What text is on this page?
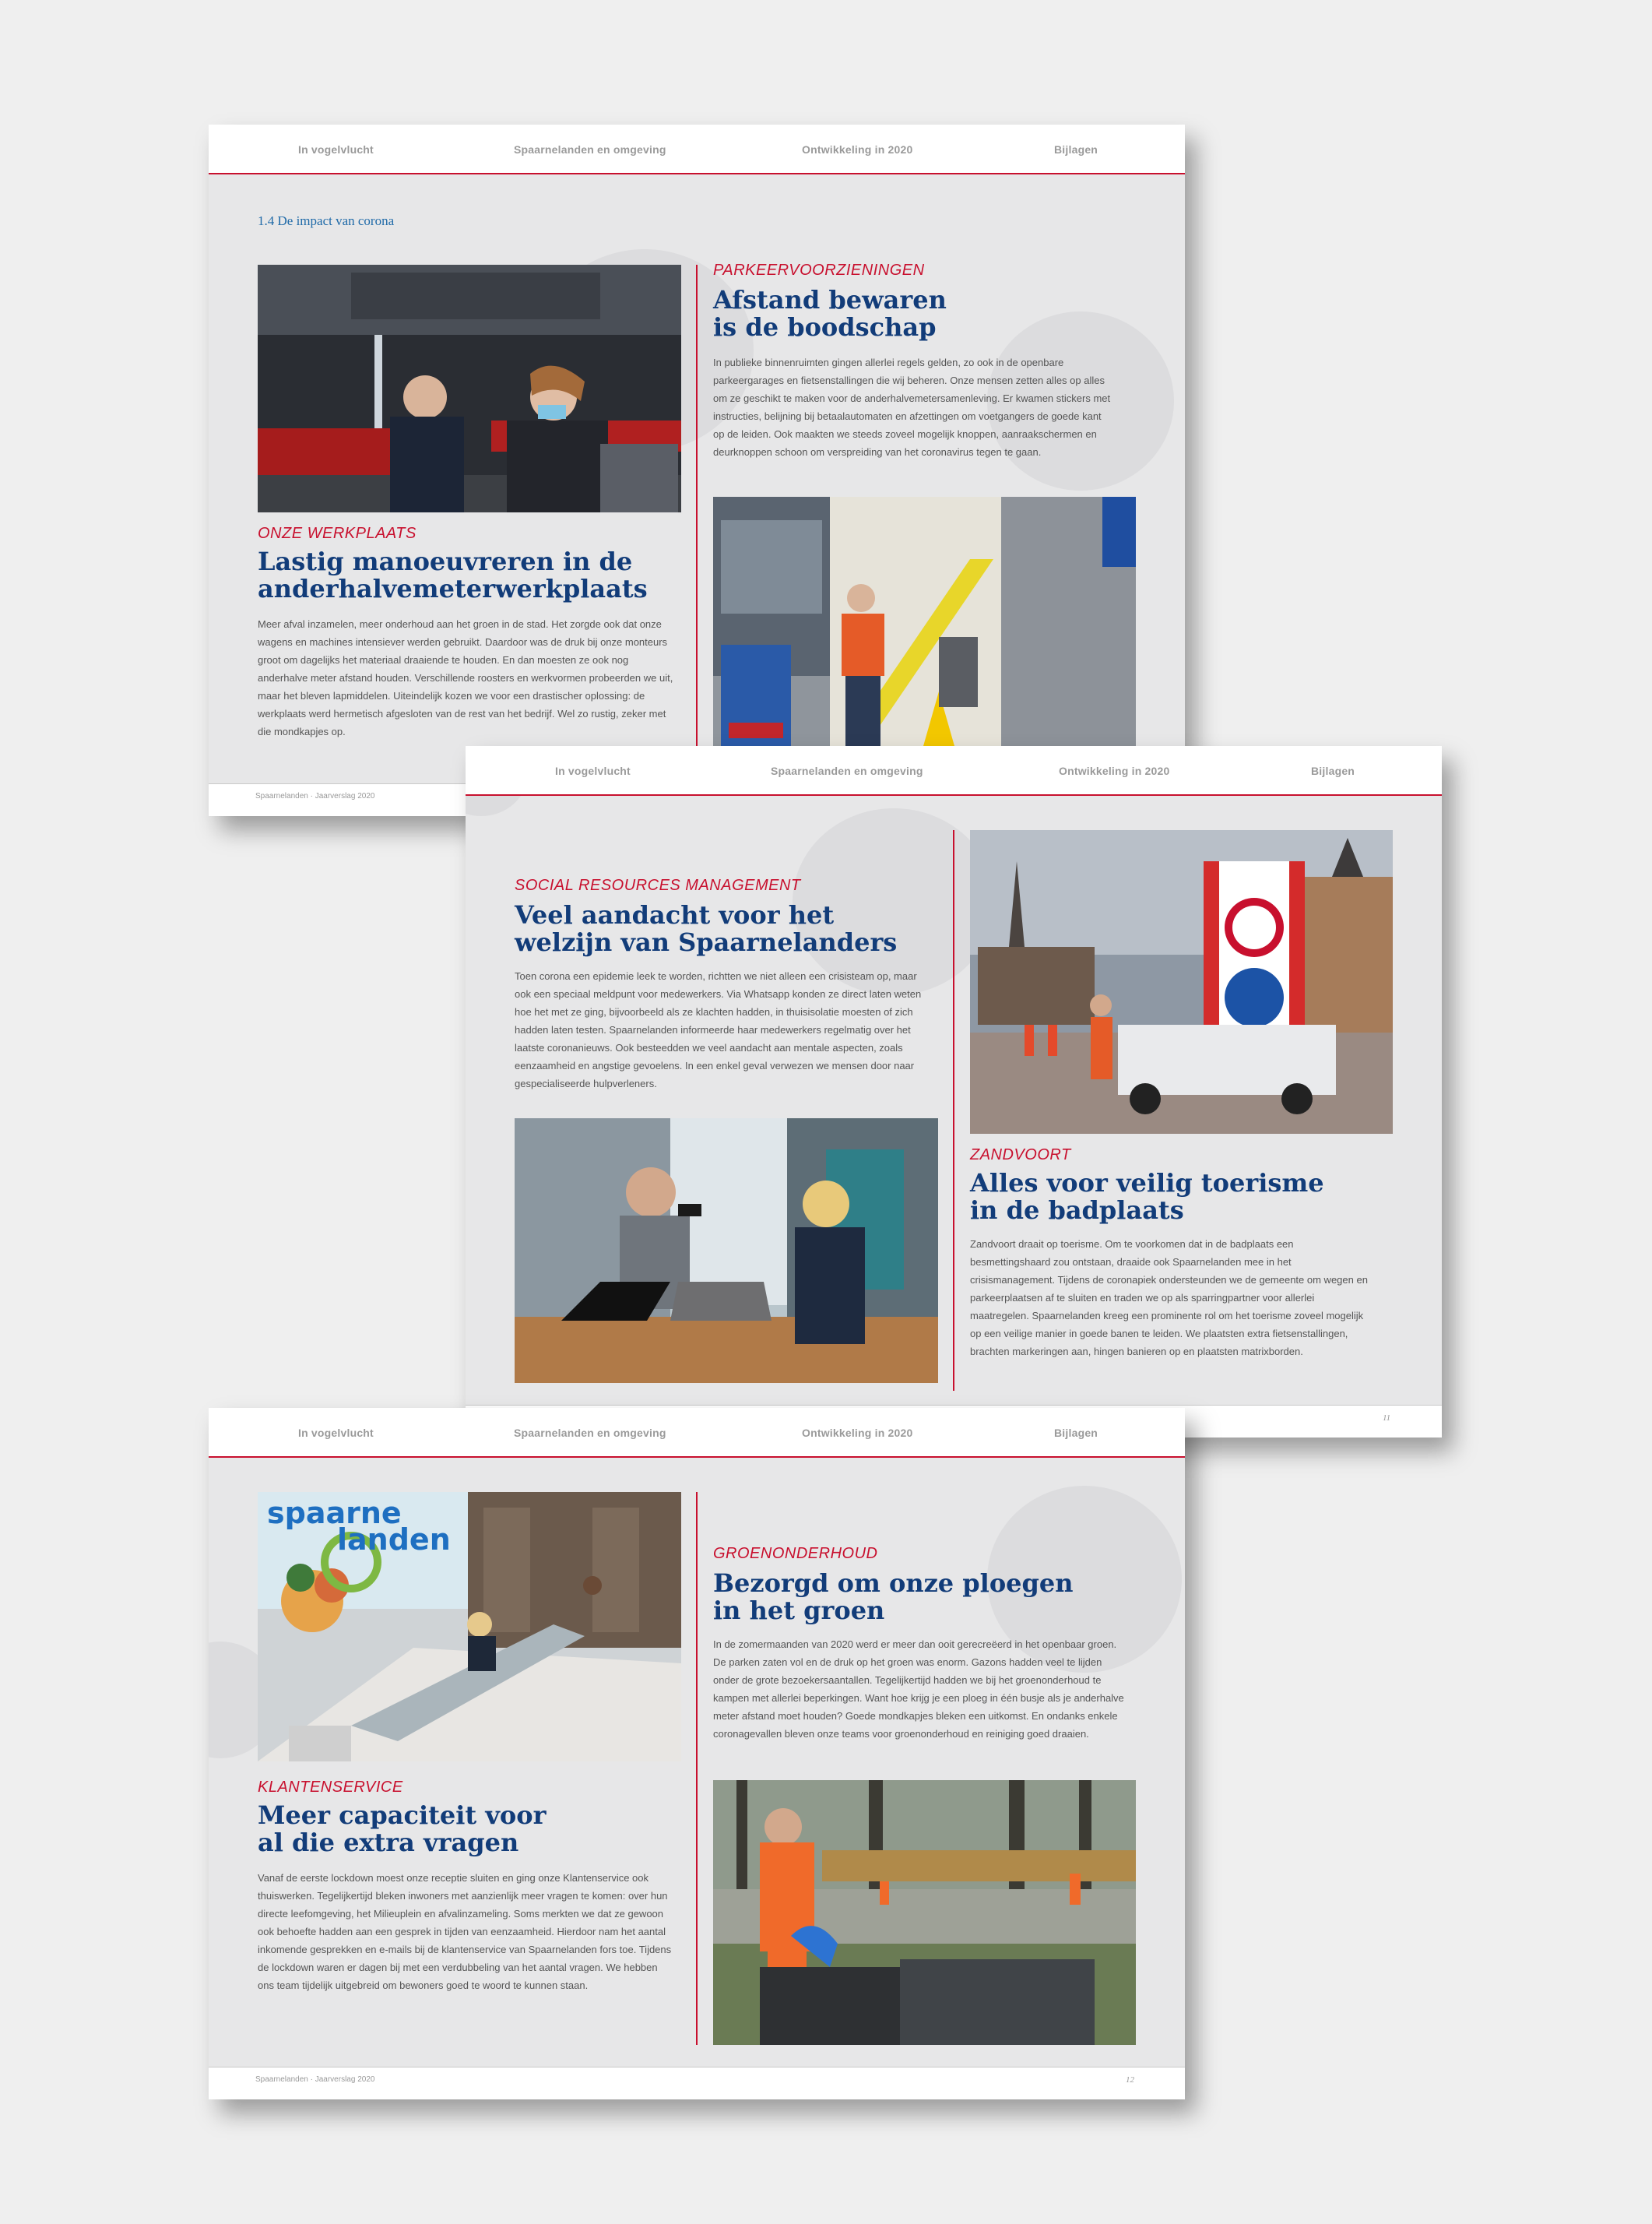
In vogelvlucht	Spaarnelanden en omgeving	Ontwikkeling in 2020	Bijlagen
1.4 De impact van corona
ONZE WERKPLAATS
Lastig manoeuvreren in de
anderhalvemeterwerkplaats
Meer afval inzamelen, meer onderhoud aan het groen in de stad. Het zorgde ook dat onze wagens en machines intensiever werden gebruikt. Daardoor was de druk bij onze monteurs groot om dagelijks het materiaal draaiende te houden. En dan moesten ze ook nog anderhalve meter afstand houden. Verschillende roosters en werkvormen probeerden we uit, maar het bleven lapmiddelen. Uiteindelijk kozen we voor een drastischer oplossing: de werkplaats werd hermetisch afgesloten van de rest van het bedrijf. Wel zo rustig, zeker met die mondkapjes op.
PARKEERVOORZIENINGEN
Afstand bewaren
is de boodschap
In publieke binnenruimten gingen allerlei regels gelden, zo ook in de openbare parkeergarages en fietsenstallingen die wij beheren. Onze mensen zetten alles op alles om ze geschikt te maken voor de anderhalvemetersamenleving. Er kwamen stickers met instructies, belijning bij betaalautomaten en afzettingen om voetgangers de goede kant op de leiden. Ook maakten we steeds zoveel mogelijk knoppen, aanraakschermen en deurknoppen schoon om verspreiding van het coronavirus tegen te gaan.
Spaarnelanden · Jaarverslag 2020
In vogelvlucht	Spaarnelanden en omgeving	Ontwikkeling in 2020	Bijlagen
SOCIAL RESOURCES MANAGEMENT
Veel aandacht voor het
welzijn van Spaarnelanders
Toen corona een epidemie leek te worden, richtten we niet alleen een crisisteam op, maar ook een speciaal meldpunt voor medewerkers. Via Whatsapp konden ze direct laten weten hoe het met ze ging, bijvoorbeeld als ze klachten hadden, in thuisisolatie moesten of zich hadden laten testen. Spaarnelanden informeerde haar medewerkers regelmatig over het laatste coronanieuws. Ook besteedden we veel aandacht aan mentale aspecten, zoals eenzaamheid en angstige gevoelens. In een enkel geval verwezen we mensen door naar gespecialiseerde hulpverleners.
ZANDVOORT
Alles voor veilig toerisme
in de badplaats
Zandvoort draait op toerisme. Om te voorkomen dat in de badplaats een besmettingshaard zou ontstaan, draaide ook Spaarnelanden mee in het crisismanagement. Tijdens de coronapiek ondersteunden we de gemeente om wegen en parkeerplaatsen af te sluiten en traden we op als sparringpartner voor allerlei maatregelen. Spaarnelanden kreeg een prominente rol om het toerisme zoveel mogelijk op een veilige manier in goede banen te leiden. We plaatsten extra fietsenstallingen, brachten markeringen aan, hingen banieren op en plaatsten matrixborden.
11
In vogelvlucht	Spaarnelanden en omgeving	Ontwikkeling in 2020	Bijlagen
spaarne
landen
KLANTENSERVICE
Meer capaciteit voor
al die extra vragen
Vanaf de eerste lockdown moest onze receptie sluiten en ging onze Klantenservice ook thuiswerken. Tegelijkertijd bleken inwoners met aanzienlijk meer vragen te komen: over hun directe leefomgeving, het Milieuplein en afvalinzameling. Soms merkten we dat ze gewoon ook behoefte hadden aan een gesprek in tijden van eenzaamheid. Hierdoor nam het aantal inkomende gesprekken en e-mails bij de klantenservice van Spaarnelanden fors toe. Tijdens de lockdown waren er dagen bij met een verdubbeling van het aantal vragen. We hebben ons team tijdelijk uitgebreid om bewoners goed te woord te kunnen staan.
GROENONDERHOUD
Bezorgd om onze ploegen
in het groen
In de zomermaanden van 2020 werd er meer dan ooit gerecreëerd in het openbaar groen. De parken zaten vol en de druk op het groen was enorm. Gazons hadden veel te lijden onder de grote bezoekersaantallen. Tegelijkertijd hadden we bij het groenonderhoud te kampen met allerlei beperkingen. Want hoe krijg je een ploeg in één busje als je anderhalve meter afstand moet houden? Goede mondkapjes bleken een uitkomst. En ondanks enkele coronagevallen bleven onze teams voor groenonderhoud en reiniging goed draaien.
Spaarnelanden · Jaarverslag 2020	12
